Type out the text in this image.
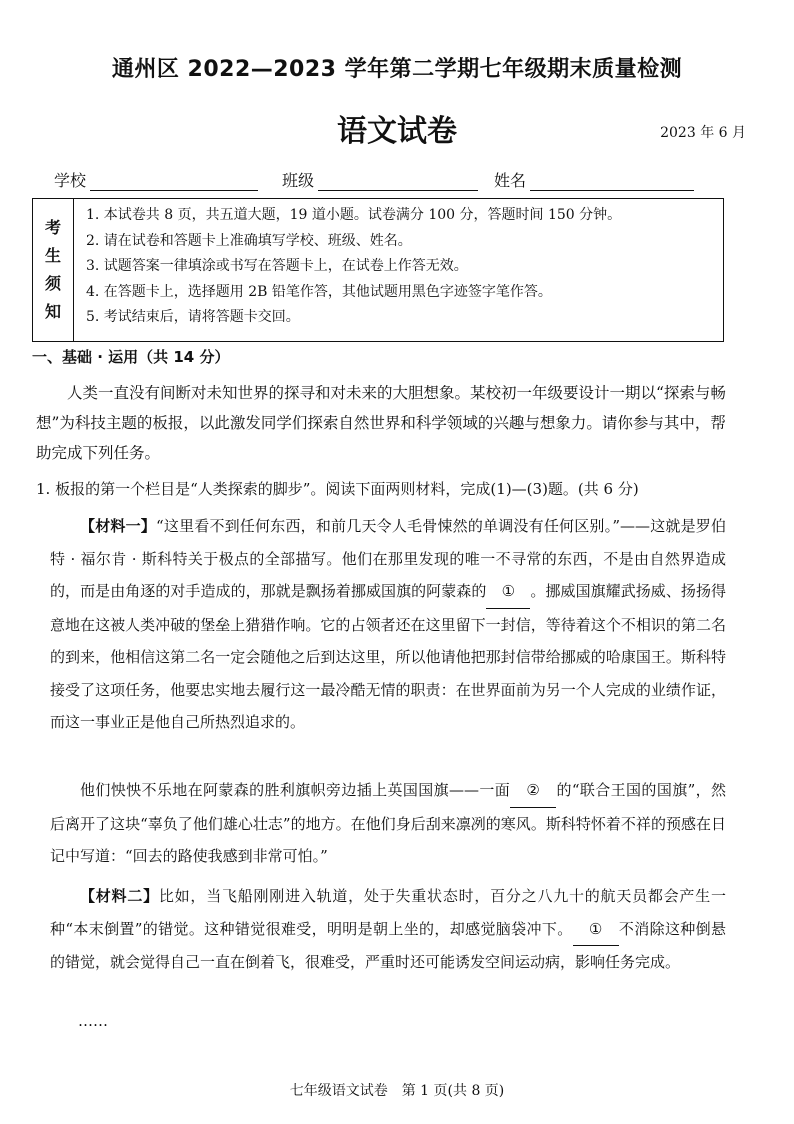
通州区 2022—2023 学年第二学期七年级期末质量检测
语文试卷	2023 年 6 月
学校	班级	姓名
考
生
须
知
1. 本试卷共 8 页，共五道大题，19 道小题。试卷满分 100 分，答题时间 150 分钟。
2. 请在试卷和答题卡上准确填写学校、班级、姓名。
3. 试题答案一律填涂或书写在答题卡上，在试卷上作答无效。
4. 在答题卡上，选择题用 2B 铅笔作答，其他试题用黑色字迹签字笔作答。
5. 考试结束后，请将答题卡交回。
一、基础 · 运用（共 14 分）
人类一直没有间断对未知世界的探寻和对未来的大胆想象。某校初一年级要设计一期以“探索与畅想”为科技主题的板报，以此激发同学们探索自然世界和科学领域的兴趣与想象力。请你参与其中，帮助完成下列任务。
1. 板报的第一个栏目是“人类探索的脚步”。阅读下面两则材料，完成(1)—(3)题。(共 6 分)
【材料一】“这里看不到任何东西，和前几天令人毛骨悚然的单调没有任何区别。”——这就是罗伯特 · 福尔肯 · 斯科特关于极点的全部描写。他们在那里发现的唯一不寻常的东西，不是由自然界造成的，而是由角逐的对手造成的，那就是飘扬着挪威国旗的阿蒙森的 ① 。挪威国旗耀武扬威、扬扬得意地在这被人类冲破的堡垒上猎猎作响。它的占领者还在这里留下一封信，等待着这个不相识的第二名的到来，他相信这第二名一定会随他之后到达这里，所以他请他把那封信带给挪威的哈康国王。斯科特接受了这项任务，他要忠实地去履行这一最冷酷无情的职责：在世界面前为另一个人完成的业绩作证，而这一事业正是他自己所热烈追求的。
他们怏怏不乐地在阿蒙森的胜利旗帜旁边插上英国国旗——一面 ② 的“联合王国的国旗”，然后离开了这块“辜负了他们雄心壮志”的地方。在他们身后刮来凛冽的寒风。斯科特怀着不祥的预感在日记中写道：“回去的路使我感到非常可怕。”
【材料二】比如，当飞船刚刚进入轨道，处于失重状态时，百分之八九十的航天员都会产生一种“本末倒置”的错觉。这种错觉很难受，明明是朝上坐的，却感觉脑袋冲下。 ① 不消除这种倒悬的错觉，就会觉得自己一直在倒着飞，很难受，严重时还可能诱发空间运动病，影响任务完成。
……
七年级语文试卷　第 1 页(共 8 页)
